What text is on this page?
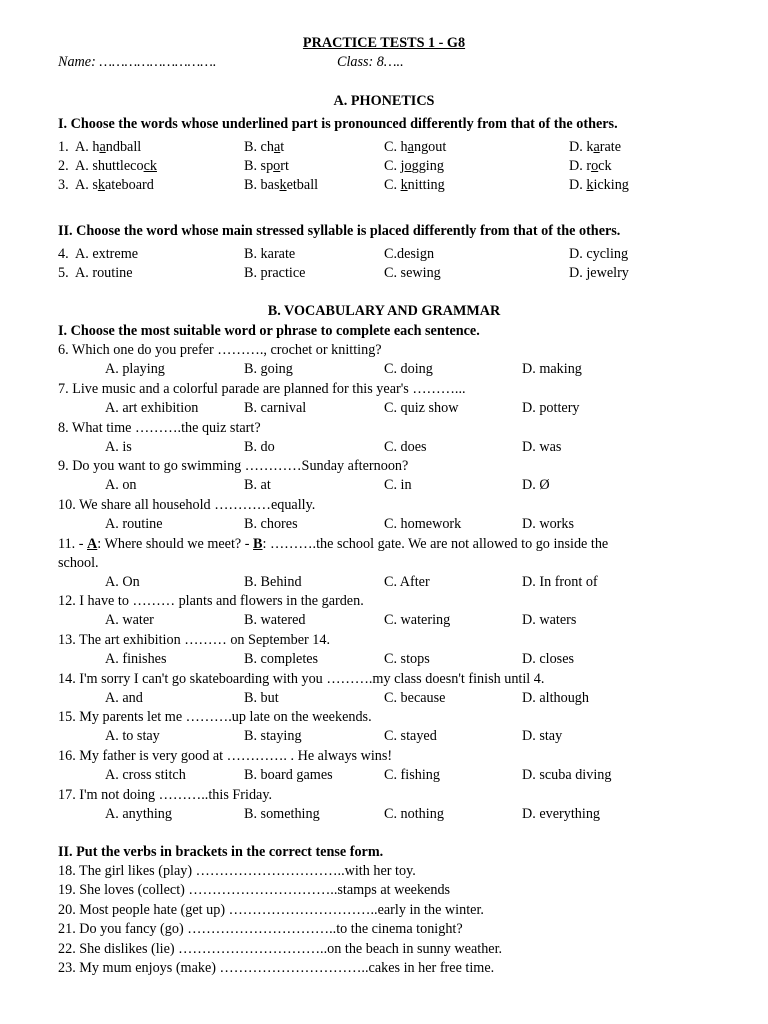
PRACTICE TESTS 1 - G8
Name: ……………………….	Class: 8…..
A. PHONETICS
I. Choose the words whose underlined part is pronounced differently from that of the others.
1. A. handball	B. chat	C. hangout	D. karate
2. A. shuttlecock	B. sport	C. jogging	D. rock
3. A. skateboard	B. basketball	C. knitting	D. kicking
II. Choose the word whose main stressed syllable is placed differently from that of the others.
4. A. extreme	B. karate	C.design	D. cycling
5. A. routine	B. practice	C. sewing	D. jewelry
B. VOCABULARY AND GRAMMAR
I. Choose the most suitable word or phrase to complete each sentence.
6. Which one do you prefer ………., crochet or knitting?
A. playing	B. going	C. doing	D. making
7. Live music and a colorful parade are planned for this year's ………...
A. art exhibition	B. carnival	C. quiz show	D. pottery
8. What time ……….the quiz start?
A. is	B. do	C. does	D. was
9. Do you want to go swimming …………Sunday afternoon?
A. on	B. at	C. in	D. Ø
10. We share all household …………equally.
A. routine	B. chores	C. homework	D. works
11. - A: Where should we meet? - B: ……….the school gate. We are not allowed to go inside the
school.
A. On	B. Behind	C. After	D. In front of
12. I have to ……… plants and flowers in the garden.
A. water	B. watered	C. watering	D. waters
13. The art exhibition ……… on September 14.
A. finishes	B. completes	C. stops	D. closes
14. I'm sorry I can't go skateboarding with you ……….my class doesn't finish until 4.
A. and	B. but	C. because	D. although
15. My parents let me ……….up late on the weekends.
A. to stay	B. staying	C. stayed	D. stay
16. My father is very good at …………. . He always wins!
A. cross stitch	B. board games	C. fishing	D. scuba diving
17. I'm not doing ………..this Friday.
A. anything	B. something	C. nothing	D. everything
II. Put the verbs in brackets in the correct tense form.
18. The girl likes (play) …………………………..with her toy.
19. She loves (collect) …………………………..stamps at weekends
20. Most people hate (get up) …………………………..early in the winter.
21. Do you fancy (go) …………………………..to the cinema tonight?
22. She dislikes (lie) …………………………..on the beach in sunny weather.
23. My mum enjoys (make) …………………………..cakes in her free time.
